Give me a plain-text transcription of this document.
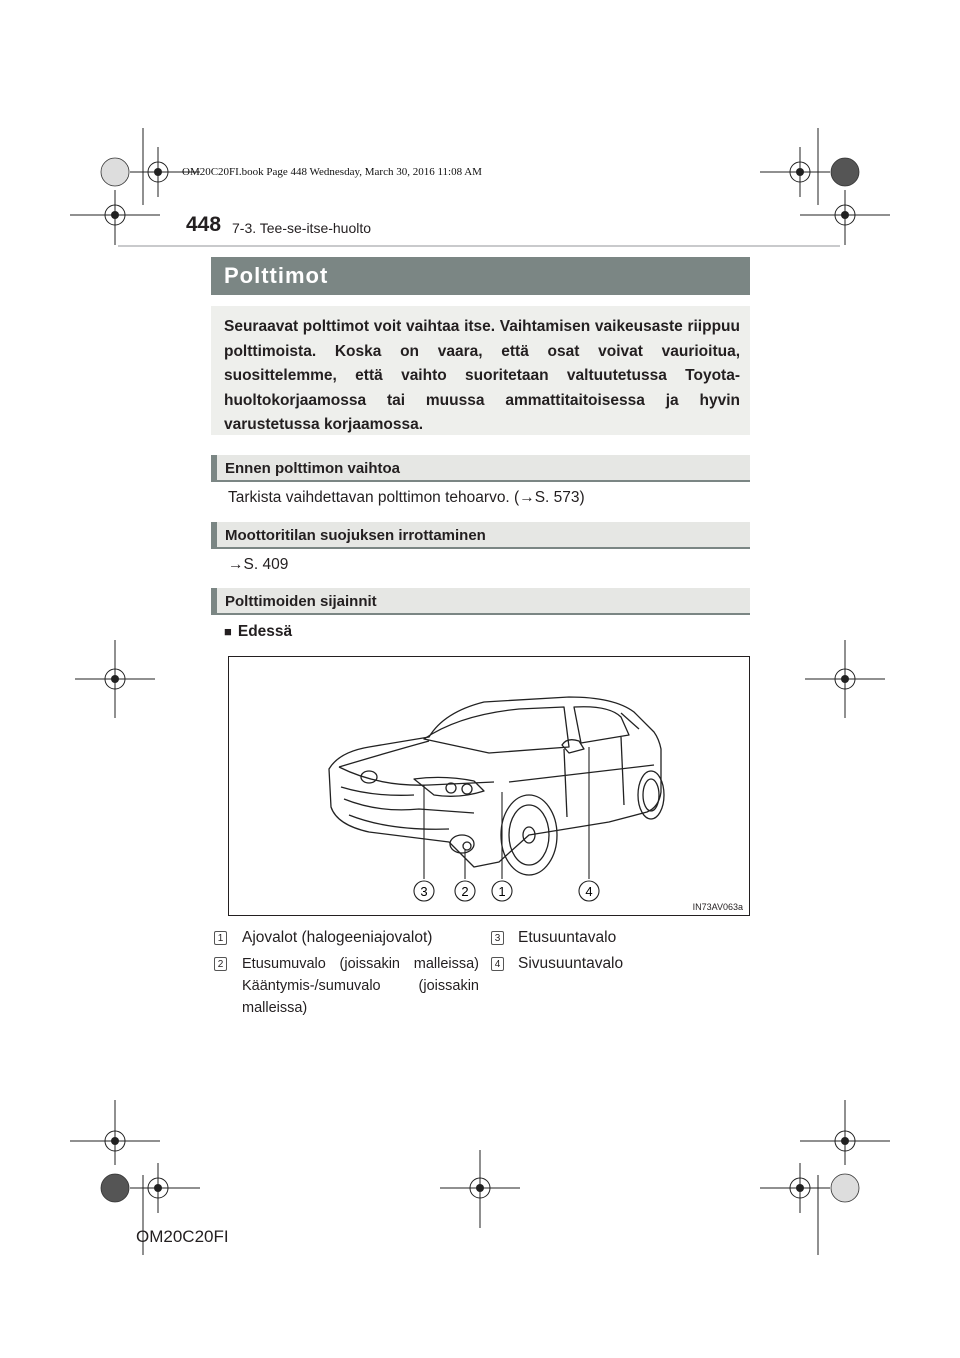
OM20C20FI.book Page 448 Wednesday, March 30, 2016 11:08 AM
448 7-3. Tee-se-itse-huolto
Polttimot
Seuraavat polttimot voit vaihtaa itse. Vaihtamisen vaikeusaste riippuu polttimoista. Koska on vaara, että osat voivat vaurioitua, suosittelemme, että vaihto suoritetaan valtuutetussa Toyota-huoltokorjaamossa tai muussa ammattitaitoisessa ja hyvin varustetussa korjaamossa.
Ennen polttimon vaihtoa
Tarkista vaihdettavan polttimon tehoarvo. (→S. 573)
Moottoritilan suojuksen irrottaminen
→S. 409
Polttimoiden sijainnit
■ Edessä
3	2 1	4
IN73AV063a
1 Ajovalot (halogeeniajovalot)
2 Etusumuvalo (joissakin malleissa) Kääntymis-/sumuvalo (joissakin malleissa)
3 Etusuuntavalo
4 Sivusuuntavalo
OM20C20FI
